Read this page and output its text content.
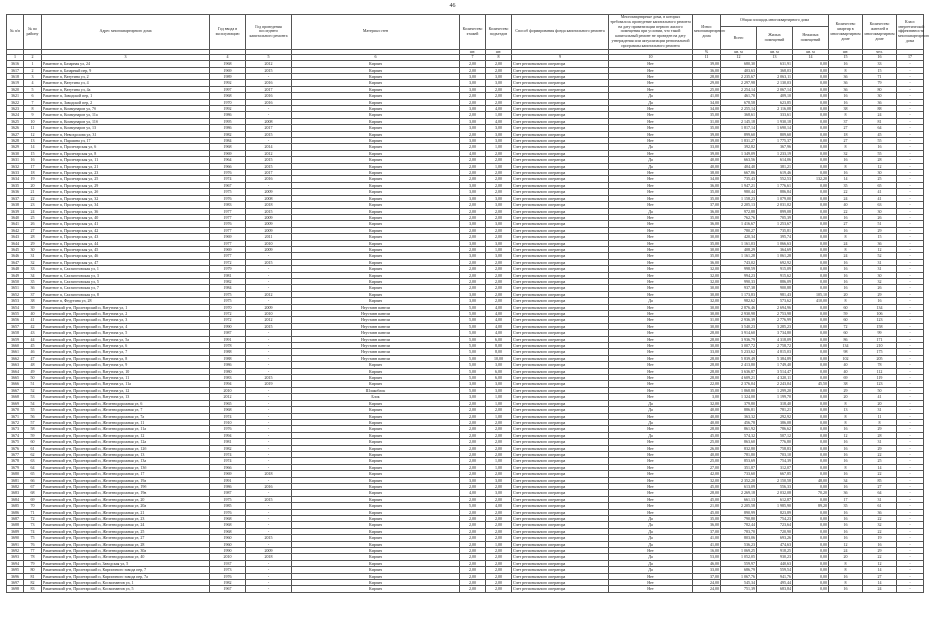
46
№ п/п	№ по району	Адрес многоквартирного дома	Год ввода в эксплуатацию	Год проведения последнего капитального ремонта	Материал стен	Количество этажей	Количество подъездов	Способ формирования фонда капитального ремонта	Многоквартирные дома, в которых требовалось проведение капитального ремонта на дату приватизации первого жилого помещения при условии, что такой капитальный ремонт не проведен на дату утверждения или актуализации региональной программы капитального ремонта	Износ многоквартирного дома	Общая площадь многоквартирного дома			Количество квартир в многоквартирном доме	Количество жителей в многоквартирном доме	Класс энергетической эффективности многоквартирного дома
											Всего	Жилых помещений	Нежилых помещений			
						шт.	шт.			%	кв. м	кв. м	кв. м	шт.	чел.	
1	2	3	4	5	6	7	8	9	10	11	12	13	14	15	16	17
3616	1	Ракитное п, Базарная ул, 24	1968	2012	Кирпич	2,00	2,00	Счет регионального оператора	Нет	39,00	680,30	631,91	0,00	16	33	-
3617	2	Ракитное п, Базарный пер, 9	1969	2015	Кирпич	2,00	2,00	Счет регионального оператора	Нет	36,00	403,63	368,03	0,00	8	15	-
3618	3	Ракитное п, Ватутина ул, 2	1989	-	Кирпич	3,00	3,00	Счет регионального оператора	Нет	28,00	2 235,67	2 063,11	0,00	36	71	-
3619	4	Ракитное п, Ватутина ул, 4	1992	2016	Кирпич	3,00	3,00	Счет регионального оператора	Нет	29,00	2 297,98	2 130,03	0,00	36	79	-
3620	5	Ракитное п, Ватутина ул, 4а	1997	2017	Кирпич	3,00	2,00	Счет регионального оператора	Нет	25,00	2 254,14	2 067,14	0,00	36	80	-
3621	6	Ракитное п, Заводской пер, 1	1968	2016	Кирпич	2,00	2,00	Счет регионального оператора	Да	41,00	461,70	409,10	0,00	16	30	-
3622	7	Ракитное п, Заводской пер, 2	1970	2016	Кирпич	2,00	2,00	Счет регионального оператора	Да	34,00	678,58	623,85	0,00	16	36	-
3623	8	Ракитное п, Коммунаров ул, 7б	1992	-	Кирпич	3,00	4,00	Счет регионального оператора	Нет	34,00	2 255,14	2 116,08	0,00	38	88	-
3624	9	Ракитное п, Коммунаров ул, 11а	1986	-	Кирпич	2,00	1,00	Счет регионального оператора	Нет	35,00	368,61	333,61	0,00	8	24	-
3625	10	Ракитное п, Коммунаров ул, 11б	1995	2008	Кирпич	3,00	4,00	Счет регионального оператора	Нет	31,00	2 145,18	1 930,18	0,00	37	81	-
3626	11	Ракитное п, Коммунаров ул, 13	1986	2017	Кирпич	3,00	3,00	Счет регионального оператора	Нет	35,00	1 817,14	1 690,14	0,00	27	64	-
3627	12	Ракитное п, Невоздолова ул, 31	1982	2015	Кирпич	2,00	3,00	Счет регионального оператора	Нет	39,00	899,60	809,60	0,00	18	45	-
3628	13	Ракитное п, Паршина ул, 17	1984	-	Кирпич	3,00	3,00	Счет регионального оператора	Нет	39,00	1 831,27	1 775,37	0,00	27	55	-
3629	14	Ракитное п, Пролетарская ул, 6	1968	2014	Кирпич	2,00	1,00	Счет регионального оператора	Да	33,00	392,82	367,96	0,00	8	16	-
3630	15	Ракитное п, Пролетарская ул, 8	1969	2012	Кирпич	4,00	2,00	Счет регионального оператора	Нет	39,00	1 349,09	1 233,19	0,00	32	55	-
3631	16	Ракитное п, Пролетарская ул, 11	1964	2015	Кирпич	2,00	2,00	Счет регионального оператора	Да	40,00	663,56	614,06	0,00	16	28	-
3632	17	Ракитное п, Пролетарская ул, 21	1966	2015	Кирпич	2,00	1,00	Счет регионального оператора	Да	40,00	404,40	381,21	0,00	8	12	-
3633	18	Ракитное п, Пролетарская ул, 23	1976	2017	Кирпич	2,00	2,00	Счет регионального оператора	Нет	38,00	667,86	619,46	0,00	16	30	-
3634	19	Ракитное п, Пролетарская ул, 25	1974	2016	Кирпич	2,00	2,00	Счет регионального оператора	Нет	34,00	735,43	552,53	132,20	14	25	-
3635	20	Ракитное п, Пролетарская ул, 29	1967	-	Кирпич	3,00	2,00	Счет регионального оператора	Нет	36,00	1 947,21	1 776,61	0,00	35	65	-
3636	21	Ракитное п, Пролетарская ул, 2б	1975	2009	Кирпич	3,00	2,00	Счет регионального оператора	Нет	35,00	980,44	886,84	0,00	22	41	-
3637	22	Ракитное п, Пролетарская ул, 32	1976	2008	Кирпич	3,00	3,00	Счет регионального оператора	Нет	35,00	1 158,23	1 079,00	0,00	24	41	-
3638	23	Ракитное п, Пролетарская ул, 34	1983	2018	Кирпич	2,00	3,00	Счет регионального оператора	Нет	37,00	2 205,13	2 031,02	0,00	40	63	-
3639	24	Ракитное п, Пролетарская ул, 36	1977	2015	Кирпич	2,00	2,00	Счет регионального оператора	Да	36,00	972,88	899,08	0,00	22	30	-
3640	25	Ракитное п, Пролетарская ул, 40	1977	2009	Кирпич	2,00	2,00	Счет регионального оператора	Нет	35,00	762,76	705,39	0,00	16	26	-
3641	26	Ракитное п, Пролетарская ул, 41	1976	2009	Кирпич	3,00	3,00	Счет регионального оператора	Нет	36,00	1 416,67	1 253,67	0,00	27	51	-
3642	27	Ракитное п, Пролетарская ул, 42	1977	2009	Кирпич	2,00	2,00	Счет регионального оператора	Нет	30,00	780,27	735,81	0,00	16	29	-
3643	28	Ракитное п, Пролетарская ул, 43	1969	2011	Кирпич	2,00	2,00	Счет регионального оператора	Нет	30,00	420,34	395,74	0,00	8	15	-
3644	29	Ракитное п, Пролетарская ул, 44	1977	2010	Кирпич	3,00	3,00	Счет регионального оператора	Нет	35,00	1 161,03	1 066,63	0,00	24	36	-
3645	30	Ракитное п, Пролетарская ул, 45	1969	2009	Кирпич	2,00	1,00	Счет регионального оператора	Нет	30,00	408,29	364,69	0,00	8	12	-
3646	31	Ракитное п, Пролетарская ул, 46	1977	-	Кирпич	3,00	3,00	Счет регионального оператора	Нет	35,00	1 161,28	1 061,28	0,00	24	52	-
3647	32	Ракитное п, Пролетарская ул, 47	1972	2015	Кирпич	2,00	2,00	Счет регионального оператора	Нет	36,00	743,02	692,92	0,00	16	31	-
3648	33	Ракитное п, Сахзаготовская ул, 1	1979	-	Кирпич	2,00	2,00	Счет регионального оператора	Нет	32,00	998,59	915,09	0,00	16	31	-
3649	34	Ракитное п, Сахзаготовская ул, 3	1981	-	Кирпич	2,00	2,00	Счет регионального оператора	Нет	32,00	994,23	915,62	0,00	16	30	-
3650	35	Ракитное п, Сахзаготовская ул, 5	1982	-	Кирпич	2,00	2,00	Счет регионального оператора	Нет	32,00	990,33	886,09	0,00	16	32	-
3651	36	Ракитное п, Сахзаготовская ул, 7	1984	-	Кирпич	2,00	2,00	Счет регионального оператора	Нет	30,00	937,38	900,88	0,00	16	26	-
3652	37	Ракитное п, Сахзаготовская ул, 8	1975	2012	Кирпич	3,00	2,00	Счет регионального оператора	Нет	30,00	1 173,83	981,43	105,10	20	29	-
3653	38	Ракитное п, Федутина ул, 28	1975	-	Кирпич	3,00	2,00	Счет регионального оператора	Да	32,00	982,62	573,62	410,00	8	16	-
3654	39	Ракитянский р-н, Пролетарский п, Ватутина ул, 1	1970	2009	Неуставн панели	5,00	4,00	Счет регионального оператора	Нет	30,00	2 876,46	2 694,96	0,00	60	134	-
3655	40	Ракитянский р-н, Пролетарский п, Ватутина ул, 2	1972	2010	Неуставн панели	5,00	4,00	Счет регионального оператора	Нет	30,00	2 930,98	2 753,98	0,00	59	106	-
3656	41	Ракитянский р-н, Пролетарский п, Ватутина ул, 3	1972	2012	Неуставн панели	5,00	4,00	Счет регионального оператора	Нет	31,00	2 936,39	2 776,99	0,00	60	123	-
3657	42	Ракитянский р-н, Пролетарский п, Ватутина ул, 4	1990	2015	Неуставн панели	5,00	4,00	Счет регионального оператора	Нет	30,00	3 540,23	3 285,23	0,00	72	158	-
3658	43	Ракитянский р-н, Пролетарский п, Ватутина ул, 5	1987	-	Неуставн панели	5,00	4,00	Счет регионального оператора	Нет	28,00	3 914,60	3 734,80	0,00	60	99	-
3659	44	Ракитянский р-н, Пролетарский п, Ватутина ул, 5а	1991	-	Неуставн панели	5,00	6,00	Счет регионального оператора	Нет	28,00	3 936,79	4 318,09	0,00	86	171	-
3660	45	Ракитянский р-н, Пролетарский п, Ватутина ул, 6	1978	-	Неуставн панели	5,00	8,00	Счет регионального оператора	Нет	30,00	3 007,72	2 758,72	0,00	134	210	-
3661	46	Ракитянский р-н, Пролетарский п, Ватутина ул, 7	1988	-	Неуставн панели	5,00	8,00	Счет регионального оператора	Нет	33,00	5 233,62	4 815,03	0,00	98	175	-
3662	47	Ракитянский р-н, Пролетарский п, Ватутина ул, 8	1988	-	Неуставн панели	5,00	10,00	Счет регионального оператора	Нет	28,00	5 839,49	5 384,89	0,00	102	205	-
3663	48	Ракитянский р-н, Пролетарский п, Ватутина ул, 9	1986	-	Кирпич	5,00	3,00	Счет регионального оператора	Нет	28,00	2 413,80	1 749,40	0,00	40	78	-
3664	49	Ракитянский р-н, Пролетарский п, Ватутина ул, 10	1980	-	Кирпич	5,00	6,00	Счет регионального оператора	Нет	28,00	3 636,87	3 514,47	0,00	40	112	-
3665	50	Ракитянский р-н, Пролетарский п, Ватутина ул, 11	1983	2015	Кирпич	5,00	6,00	Счет регионального оператора	Нет	28,00	4 609,21	4 320,11	0,00	69	119	-
3666	51	Ракитянский р-н, Пролетарский п, Ватутина ул, 11а	1994	2019	Кирпич	3,00	3,00	Счет регионального оператора	Нет	22,00	2 376,04	2 243,04	45,50	38	123	-
3667	52	Ракитянский р-н, Пролетарский п, Ватутина ул, 12	2010	-	Шлакоблок	5,00	3,00	Счет регионального оператора	Нет	35,00	1 868,80	1 299,20	0,00	29	50	-
3668	53	Ракитянский р-н, Пролетарский п, Ватутина ул, 13	2012	-	Блок	3,00	1,00	Счет регионального оператора	Нет	3,00	1 324,00	1 199,70	0,00	20	41	-
3669	54	Ракитянский р-н, Пролетарский п, Железнодорожная ул, 6	1965	-	Кирпич	2,00	1,00	Счет регионального оператора	Да	32,00	379,80	318,40	0,00	8	20	-
3670	55	Ракитянский р-н, Пролетарский п, Железнодорожная ул, 7	1968	-	Кирпич	2,00	2,00	Счет регионального оператора	Да	40,00	886,81	781,21	0,00	13	31	-
3671	56	Ракитянский р-н, Пролетарский п, Железнодорожная ул, 7а	1974	-	Кирпич	2,00	1,00	Счет регионального оператора	Нет	40,00	363,32	292,92	0,00	8	11	-
3672	57	Ракитянский р-н, Пролетарский п, Железнодорожная ул, 11	1910	-	Кирпич	2,00	2,00	Счет регионального оператора	Да	40,00	456,78	386,08	0,00	8	8	-
3673	58	Ракитянский р-н, Пролетарский п, Железнодорожная ул, 11а	1976	-	Кирпич	2,00	2,00	Счет регионального оператора	Нет	28,00	861,92	786,62	0,00	16	29	-
3674	59	Ракитянский р-н, Пролетарский п, Железнодорожная ул, 12	1994	-	Кирпич	2,00	2,00	Счет регионального оператора	Да	45,00	574,32	507,12	0,00	12	28	-
3675	60	Ракитянский р-н, Пролетарский п, Железнодорожная ул, 12а	1981	-	Кирпич	2,00	2,00	Счет регионального оператора	Нет	25,00	863,60	776,80	0,00	16	31	-
3676	61	Ракитянский р-н, Пролетарский п, Железнодорожная ул, 12б	1982	-	Кирпич	2,00	2,00	Счет регионального оператора	Нет	26,00	832,80	758,83	0,00	16	29	-
3677	62	Ракитянский р-н, Пролетарский п, Железнодорожная ул, 13	1974	-	Кирпич	2,00	2,00	Счет регионального оператора	Нет	40,00	781,80	703,10	0,00	16	22	-
3678	63	Ракитянский р-н, Пролетарский п, Железнодорожная ул, 13а	1974	-	Кирпич	2,00	1,00	Счет регионального оператора	Нет	25,00	853,69	754,39	0,00	16	25	-
3679	64	Ракитянский р-н, Пролетарский п, Железнодорожная ул, 13б	1966	-	Кирпич	2,00	1,00	Счет регионального оператора	Нет	27,00	351,87	312,07	0,00	8	14	-
3680	65	Ракитянский р-н, Пролетарский п, Железнодорожная ул, 17	1969	2018	Кирпич	2,00	2,00	Счет регионального оператора	Нет	42,00	733,60	667,85	0,00	16	22	-
3681	66	Ракитянский р-н, Пролетарский п, Железнодорожная ул, 19а	1991	-	Кирпич	3,00	3,00	Счет регионального оператора	Нет	32,00	2 352,20	2 150,58	48,00	34	85	-
3682	67	Ракитянский р-н, Пролетарский п, Железнодорожная ул, 19б	1986	2016	Кирпич	2,00	2,00	Счет регионального оператора	Нет	45,00	613,09	556,33	0,00	16	27	-
3683	68	Ракитянский р-н, Пролетарский п, Железнодорожная ул, 19в	1987	-	Кирпич	4,00	3,00	Счет регионального оператора	Нет	28,00	2 269,18	2 032,08	70,20	36	64	-
3684	69	Ракитянский р-н, Пролетарский п, Железнодорожная ул, 20	1975	2015	Кирпич	2,00	2,00	Счет регионального оператора	Нет	45,00	661,13	612,87	0,00	17	31	-
3685	70	Ракитянский р-н, Пролетарский п, Железнодорожная ул, 20а	1985	-	Кирпич	5,00	4,00	Счет регионального оператора	Нет	21,00	2 205,58	1 985,90	89,20	35	61	-
3686	71	Ракитянский р-н, Пролетарский п, Железнодорожная ул, 21	1976	-	Кирпич	2,00	2,00	Счет регионального оператора	Нет	45,00	890,99	823,89	0,00	16	36	-
3687	72	Ракитянский р-н, Пролетарский п, Железнодорожная ул, 23	1968	-	Кирпич	2,00	2,00	Счет регионального оператора	Да	35,00	790,80	754,23	0,00	16	22	-
3688	73	Ракитянский р-н, Пролетарский п, Железнодорожная ул, 24	1968	-	Кирпич	2,00	2,00	Счет регионального оператора	Да	36,00	782,44	723,64	0,00	16	32	-
3689	74	Ракитянский р-н, Пролетарский п, Железнодорожная ул, 25	1968	-	Кирпич	2,00	2,00	Счет регионального оператора	Да	37,00	783,70	720,90	0,00	16	22	-
3690	75	Ракитянский р-н, Пролетарский п, Железнодорожная ул, 27	1960	2015	Кирпич	2,00	2,00	Счет регионального оператора	Да	41,00	803,06	693,26	0,00	16	19	-
3691	76	Ракитянский р-н, Пролетарский п, Железнодорожная ул, 28	1960	-	Кирпич	2,00	1,00	Счет регионального оператора	Да	41,00	536,23	474,63	0,00	12	16	-
3692	77	Ракитянский р-н, Пролетарский п, Железнодорожная ул, 30а	1990	2009	Кирпич	2,00	2,00	Счет регионального оператора	Нет	16,00	1 069,25	918,25	0,00	24	29	-
3693	78	Ракитянский р-н, Пролетарский п, Железнодорожная ул, 40	2010	2018	Кирпич	2,00	2,00	Счет регионального оператора	Да	53,00	1 052,05	930,23	0,00	20	22	-
3694	79	Ракитянский р-н, Пролетарский п, Заводская ул, 5	1937	-	Кирпич	2,00	2,00	Счет регионального оператора	Да	46,00	559,97	440,63	0,00	8	12	-
3695	80	Ракитянский р-н, Пролетарский п, Кирпичного завода пер, 7	1973	-	Кирпич	2,00	2,00	Счет регионального оператора	Да	33,00	686,79	559,54	0,00	8	14	-
3696	81	Ракитянский р-н, Пролетарский п, Кирпичного завода пер, 7а	1976	-	Кирпич	2,00	2,00	Счет регионального оператора	Нет	37,00	1 067,76	941,76	0,00	16	27	-
3697	82	Ракитянский р-н, Пролетарский п, Космонавтов ул, 1	1982	-	Кирпич	2,00	2,00	Счет регионального оператора	Нет	24,00	545,34	495,44	0,00	8	14	-
3698	83	Ракитянский р-н, Пролетарский п, Космонавтов ул, 5	1967	-	Кирпич	2,00	2,00	Счет регионального оператора	Нет	24,00	751,39	683,84	0,00	16	24	-
